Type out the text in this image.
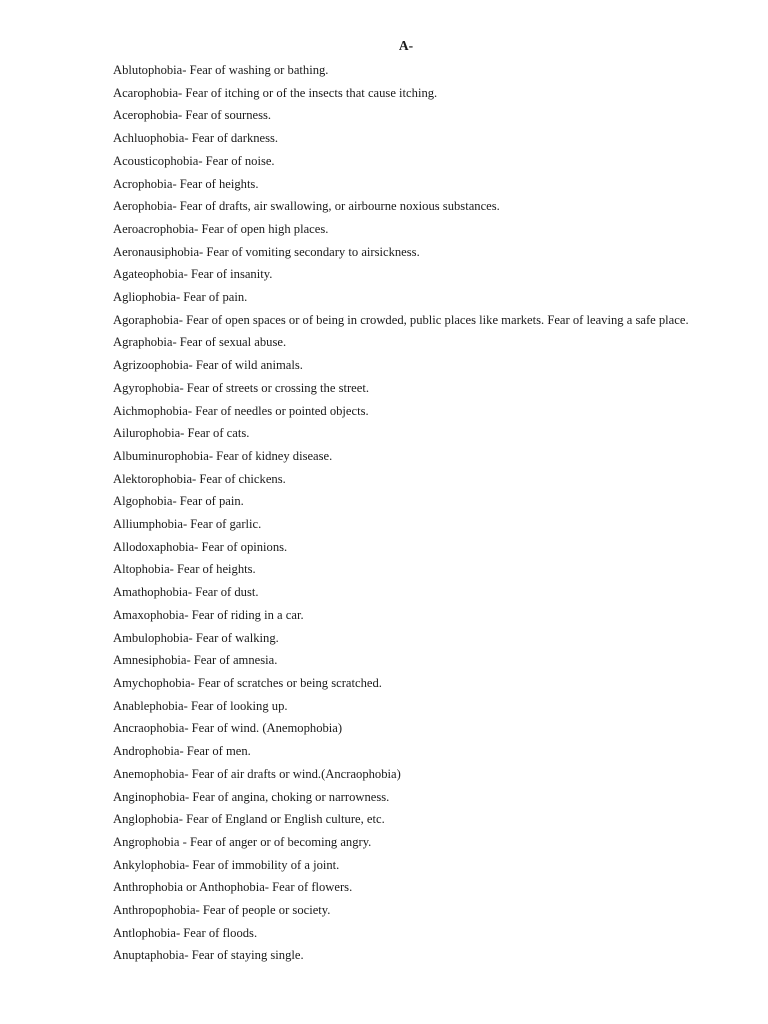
A-
Ablutophobia- Fear of washing or bathing.
Acarophobia- Fear of itching or of the insects that cause itching.
Acerophobia- Fear of sourness.
Achluophobia- Fear of darkness.
Acousticophobia- Fear of noise.
Acrophobia- Fear of heights.
Aerophobia- Fear of drafts, air swallowing, or airbourne noxious substances.
Aeroacrophobia- Fear of open high places.
Aeronausiphobia- Fear of vomiting secondary to airsickness.
Agateophobia- Fear of insanity.
Agliophobia- Fear of pain.
Agoraphobia- Fear of open spaces or of being in crowded, public places like markets. Fear of leaving a safe place.
Agraphobia- Fear of sexual abuse.
Agrizoophobia- Fear of wild animals.
Agyrophobia- Fear of streets or crossing the street.
Aichmophobia- Fear of needles or pointed objects.
Ailurophobia- Fear of cats.
Albuminurophobia- Fear of kidney disease.
Alektorophobia- Fear of chickens.
Algophobia- Fear of pain.
Alliumphobia- Fear of garlic.
Allodoxaphobia- Fear of opinions.
Altophobia- Fear of heights.
Amathophobia- Fear of dust.
Amaxophobia- Fear of riding in a car.
Ambulophobia- Fear of walking.
Amnesiphobia- Fear of amnesia.
Amychophobia- Fear of scratches or being scratched.
Anablephobia- Fear of looking up.
Ancraophobia- Fear of wind. (Anemophobia)
Androphobia- Fear of men.
Anemophobia- Fear of air drafts or wind.(Ancraophobia)
Anginophobia- Fear of angina, choking or narrowness.
Anglophobia- Fear of England or English culture, etc.
Angrophobia - Fear of anger or of becoming angry.
Ankylophobia- Fear of immobility of a joint.
Anthrophobia or Anthophobia- Fear of flowers.
Anthropophobia- Fear of people or society.
Antlophobia- Fear of floods.
Anuptaphobia- Fear of staying single.
